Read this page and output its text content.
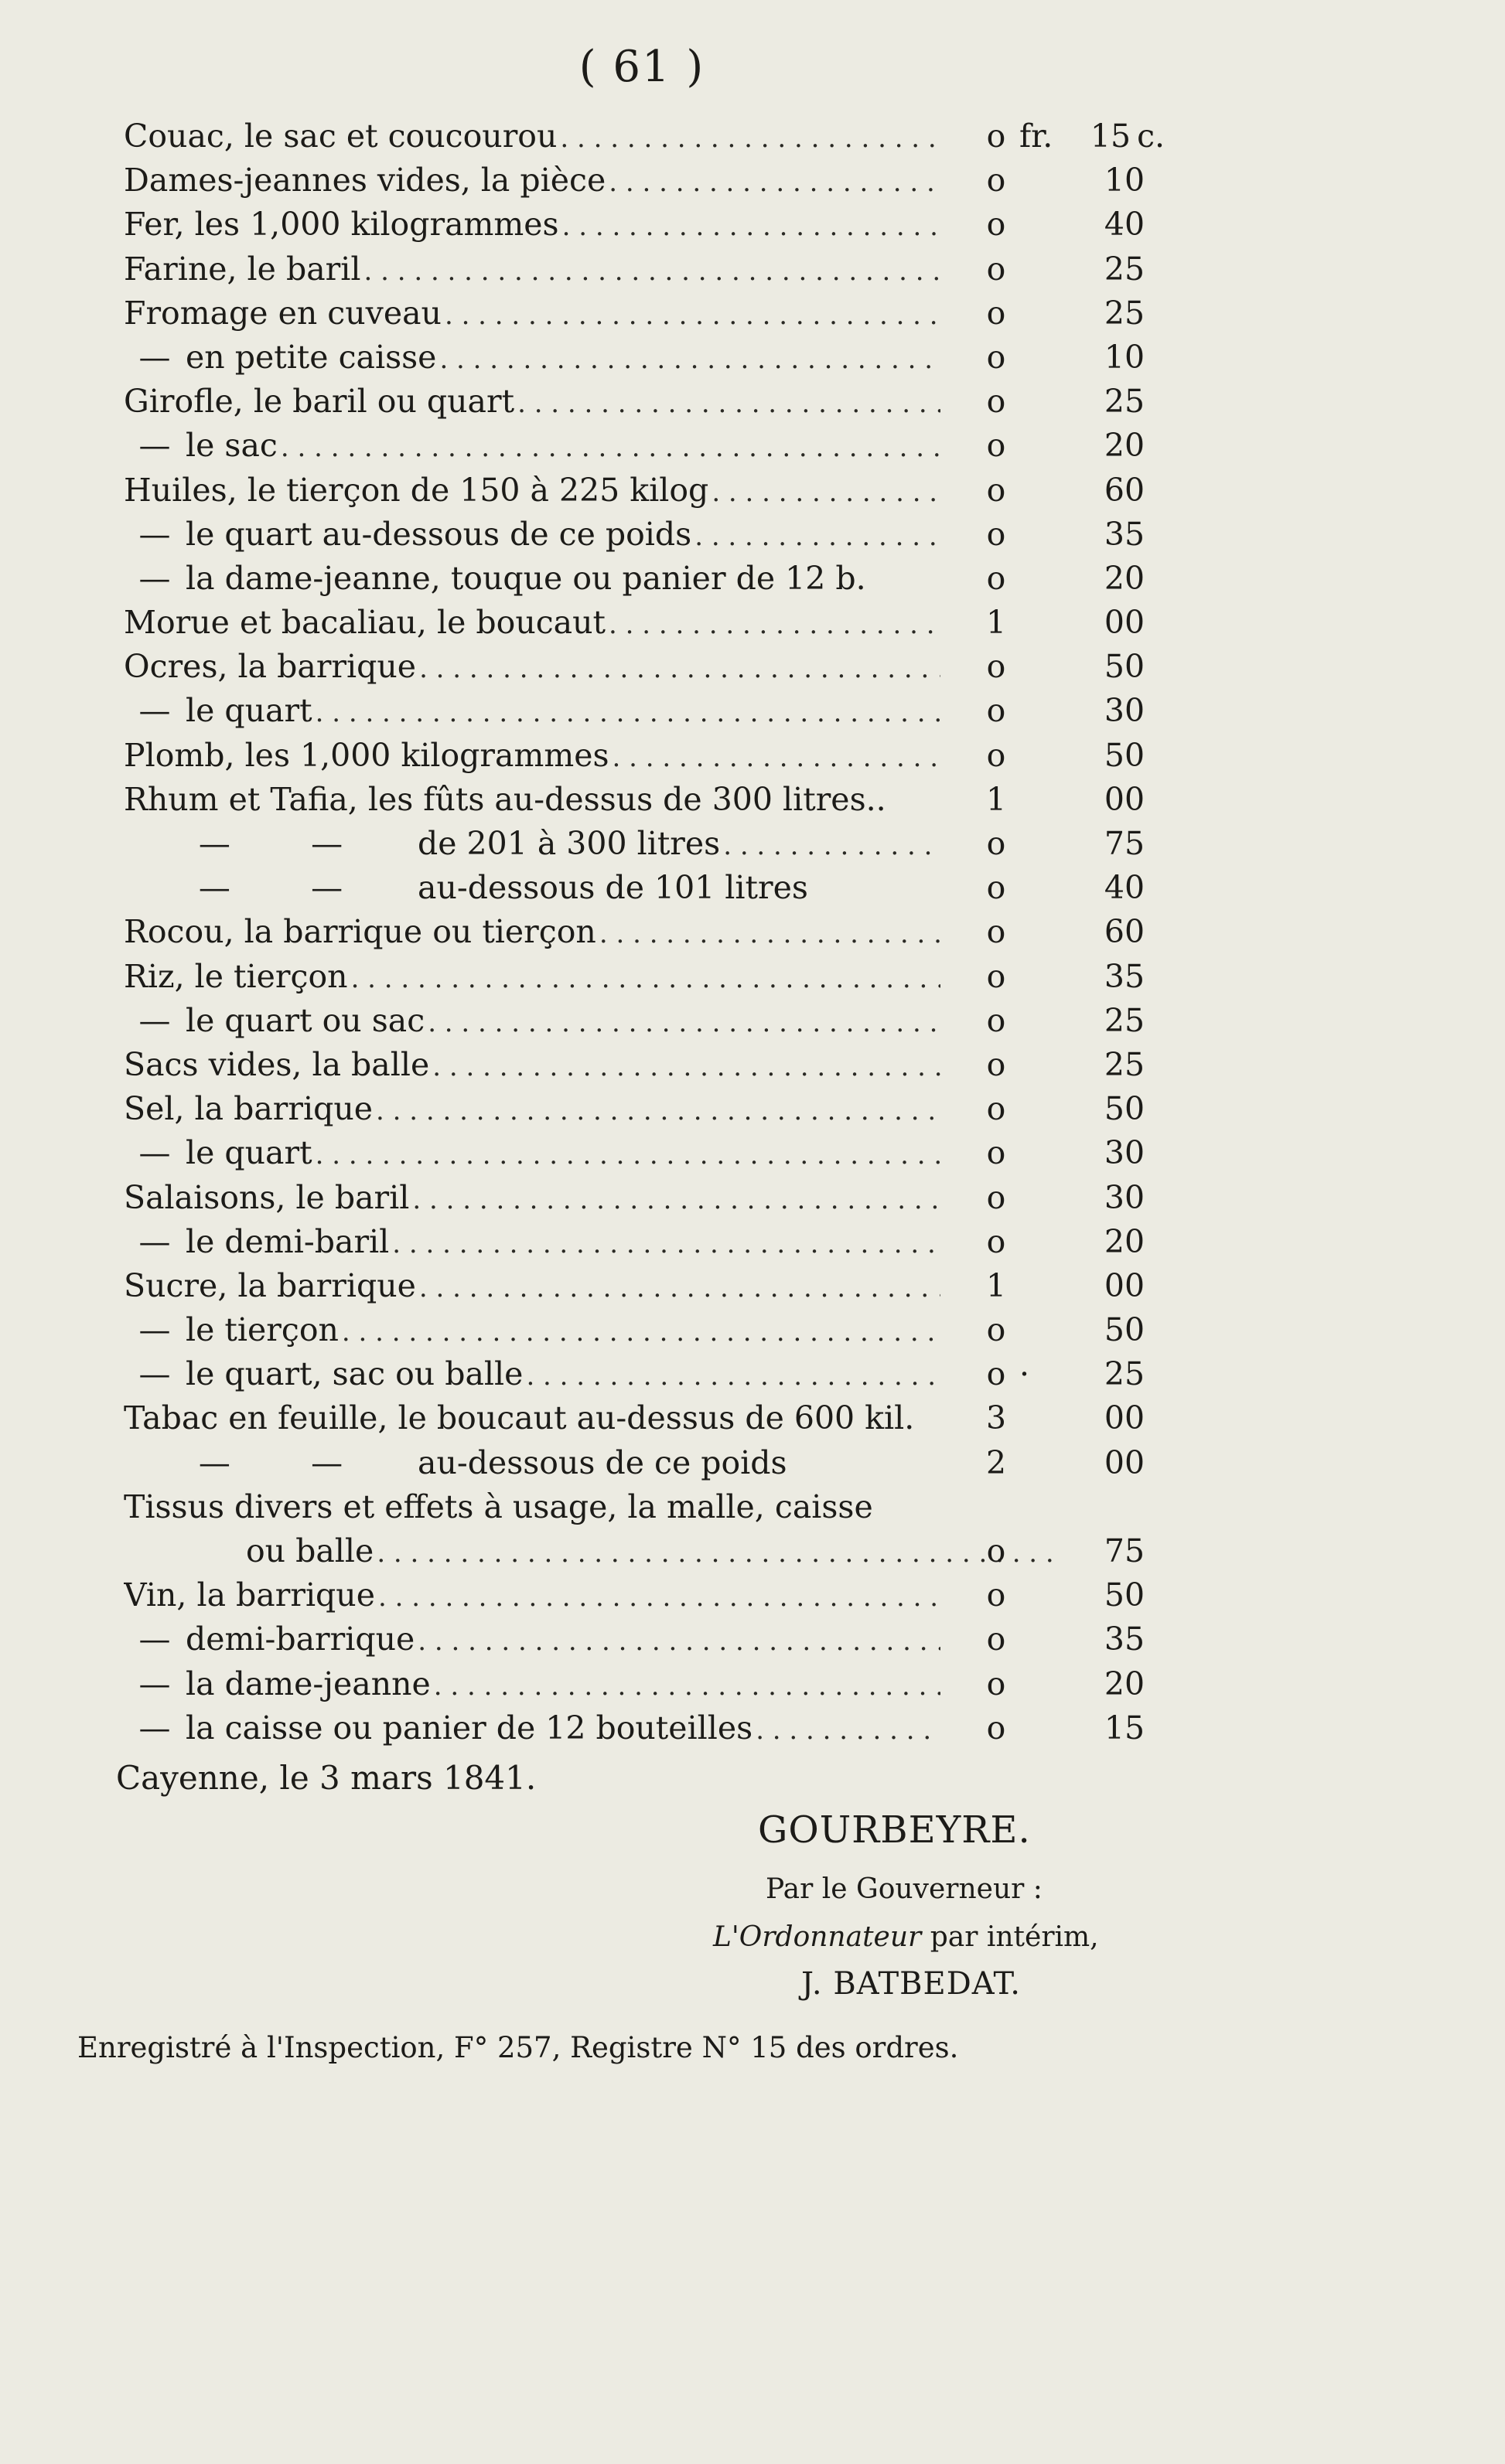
( 61 )
Couac, le sac et coucourou . . .	o fr.	15 c.
Dames-jeannes vides, la pièce . . .	o	10
Fer, les 1,000 kilogrammes . . .	o	40
Farine, le baril . . .	o	25
Fromage en cuveau . . .	o	25
— en petite caisse . . .	o	10
Girofle, le baril ou quart . . .	o	25
— le sac . . .	o	20
Huiles, le tierçon de 150 à 225 kilog . . .	o	60
— le quart au-dessous de ce poids . . .	o	35
— la dame-jeanne, touque ou panier de 12 b.	o	20
Morue et bacaliau, le boucaut . . .	1	00
Ocres, la barrique . . .	o	50
— le quart . . .	o	30
Plomb, les 1,000 kilogrammes . . .	o	50
Rhum et Tafia, les fûts au-dessus de 300 litres..	1	00
—        —	de 201 à 300 litres . . .	o	75
—        —	au-dessous de 101 litres	o	40
Rocou, la barrique ou tierçon . . .	o	60
Riz, le tierçon . . .	o	35
— le quart ou sac . . .	o	25
Sacs vides, la balle . . .	o	25
Sel, la barrique . . .	o	50
— le quart . . .	o	30
Salaisons, le baril . . .	o	30
— le demi-baril . . .	o	20
Sucre, la barrique . . .	1	00
— le tierçon . . .	o	50
— le quart, sac ou balle . . .	o ·	25
Tabac en feuille, le boucaut au-dessus de 600 kil.	3	00
—        —	au-dessous de ce poids	2	00
Tissus divers et effets à usage, la malle, caisse
ou balle . . .	o	75
Vin, la barrique . . .	o	50
— demi-barrique . . .	o	35
— la dame-jeanne . . .	o	20
— la caisse ou panier de 12 bouteilles . . .	o	15
Cayenne, le 3 mars 1841.
GOURBEYRE.
Par le Gouverneur :
L'Ordonnateur par intérim,
J. BATBEDAT.
Enregistré à l'Inspection, F° 257, Registre N° 15 des ordres.
